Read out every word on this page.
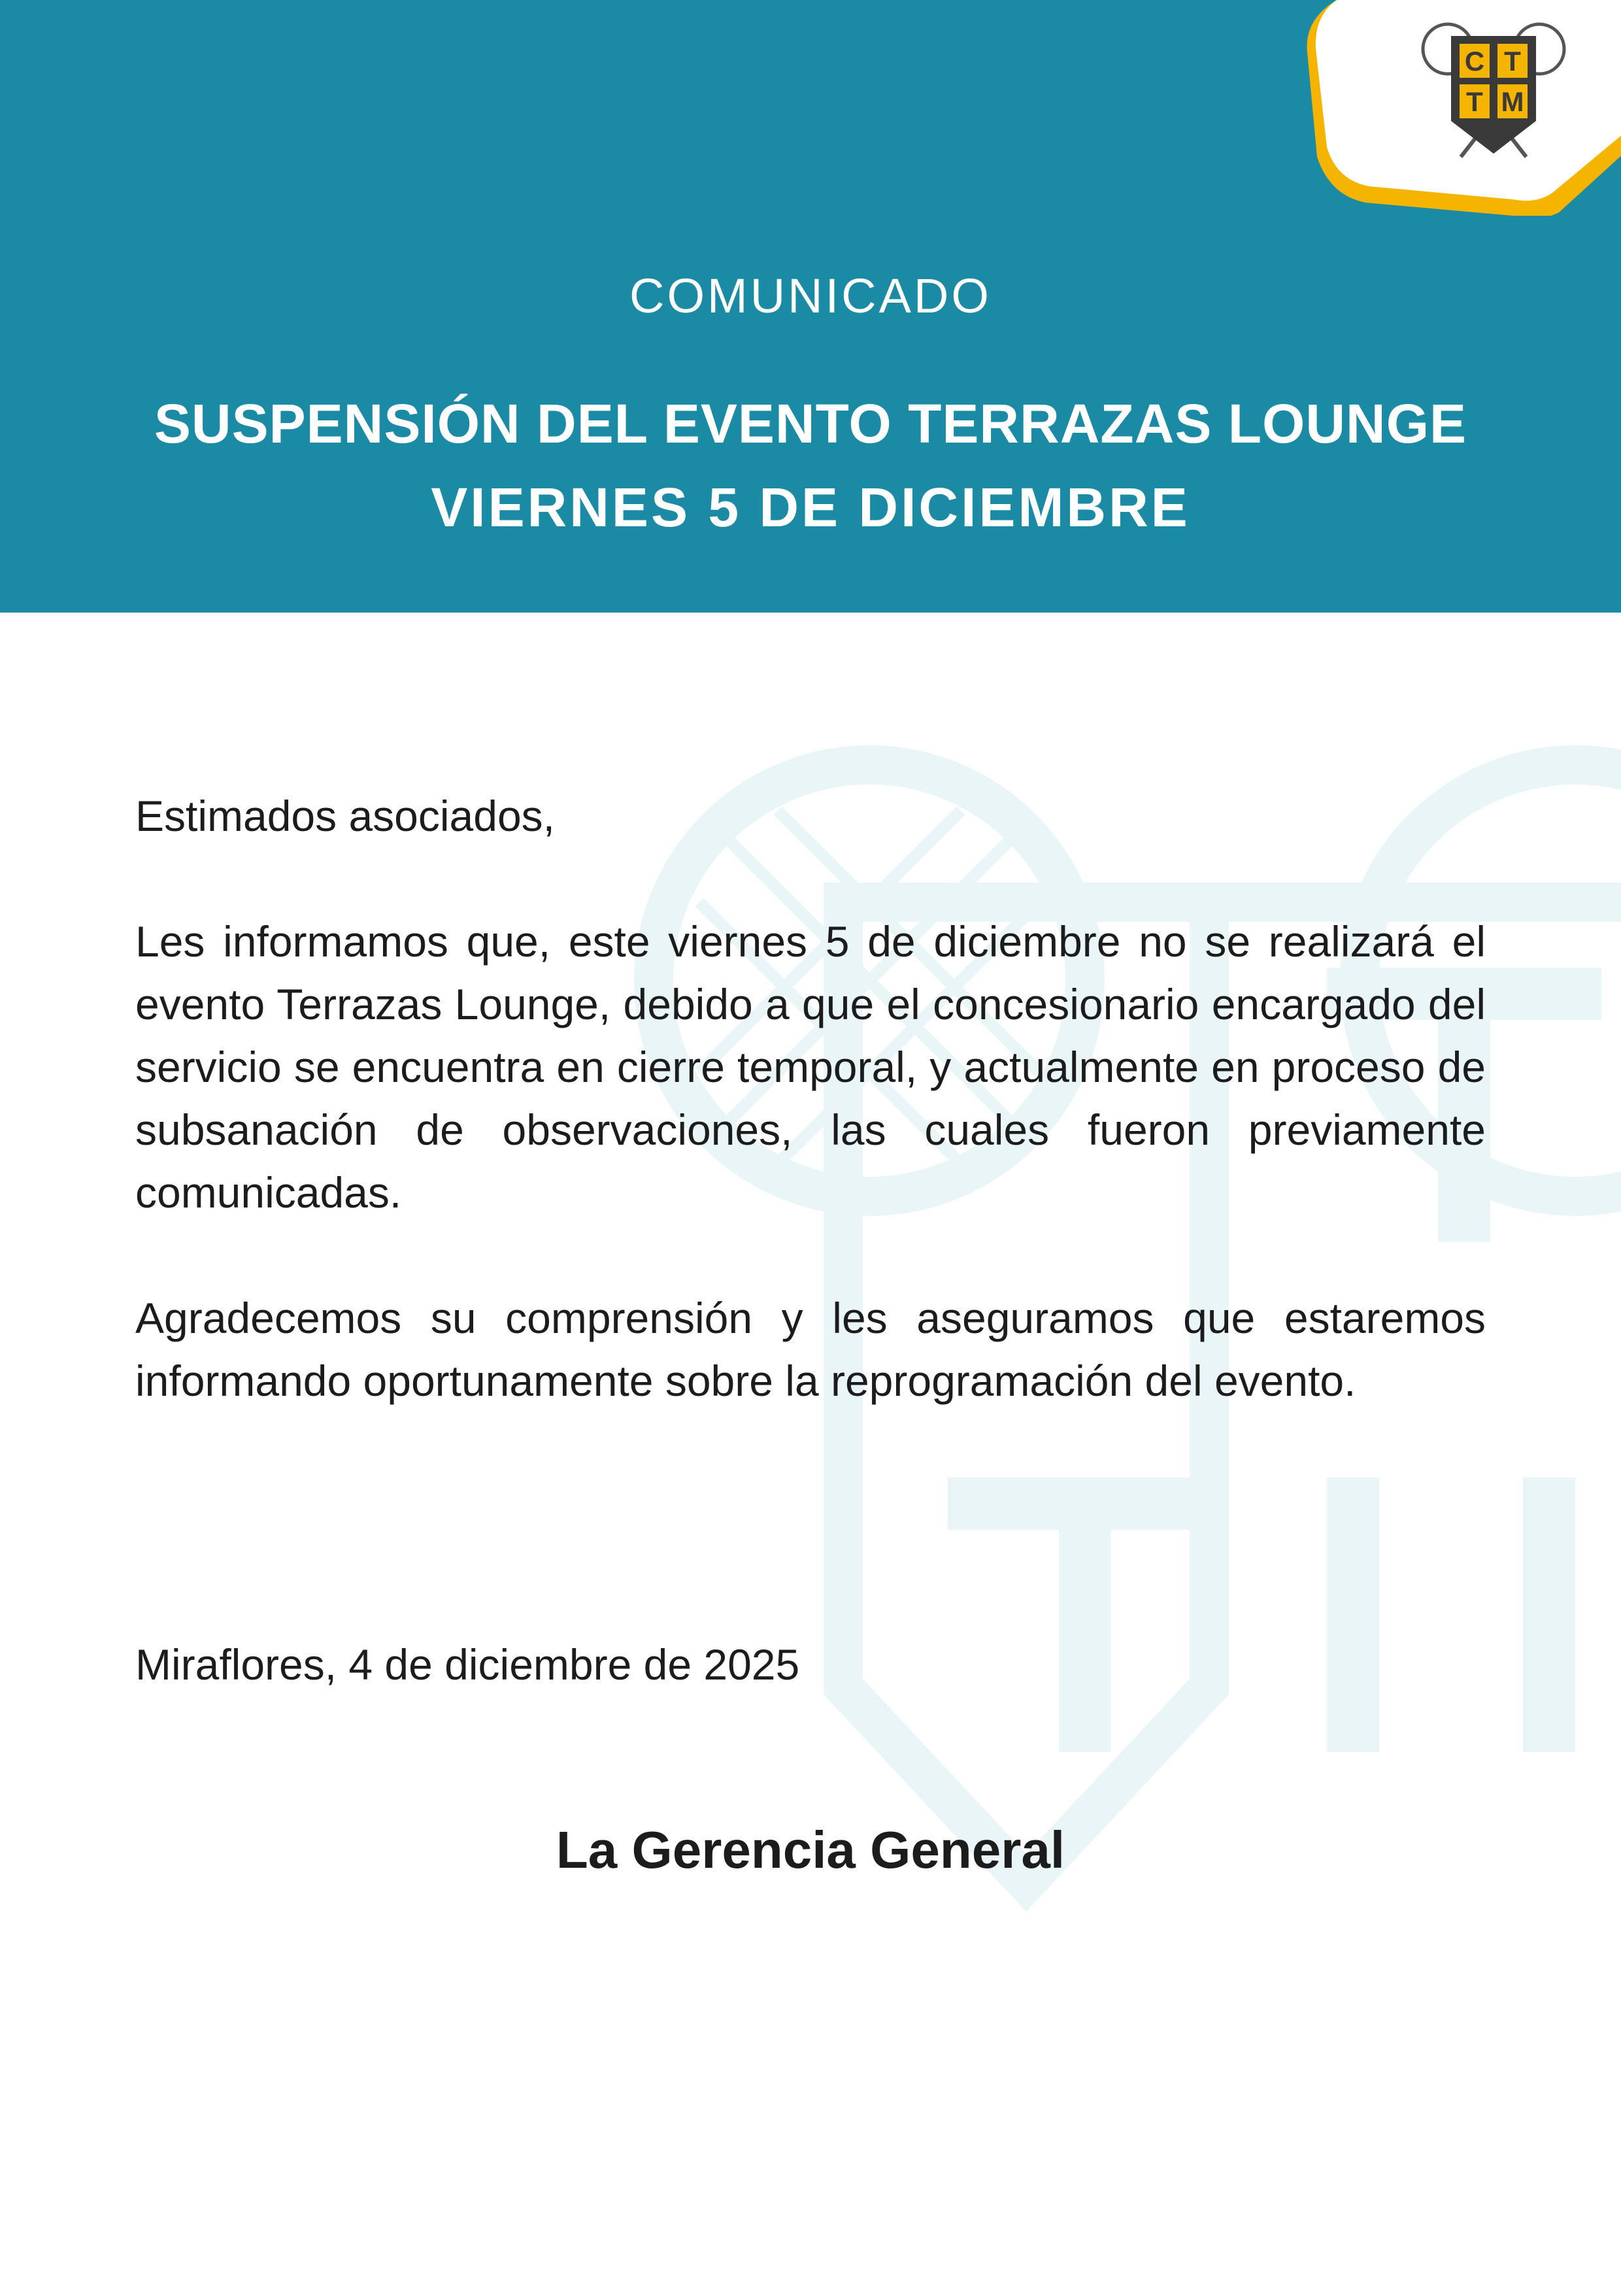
COMUNICADO
SUSPENSIÓN DEL EVENTO TERRAZAS LOUNGE
VIERNES 5 DE DICIEMBRE
C T
T M

Estimados asociados,

Les informamos que, este viernes 5 de diciembre no se realizará el evento Terrazas Lounge, debido a que el concesionario encargado del servicio se encuentra en cierre temporal, y actualmente en proceso de subsanación de observaciones, las cuales fueron previamente comunicadas.

Agradecemos su comprensión y les aseguramos que estaremos informando oportunamente sobre la reprogramación del evento.

Miraflores, 4 de diciembre de 2025
La Gerencia General
